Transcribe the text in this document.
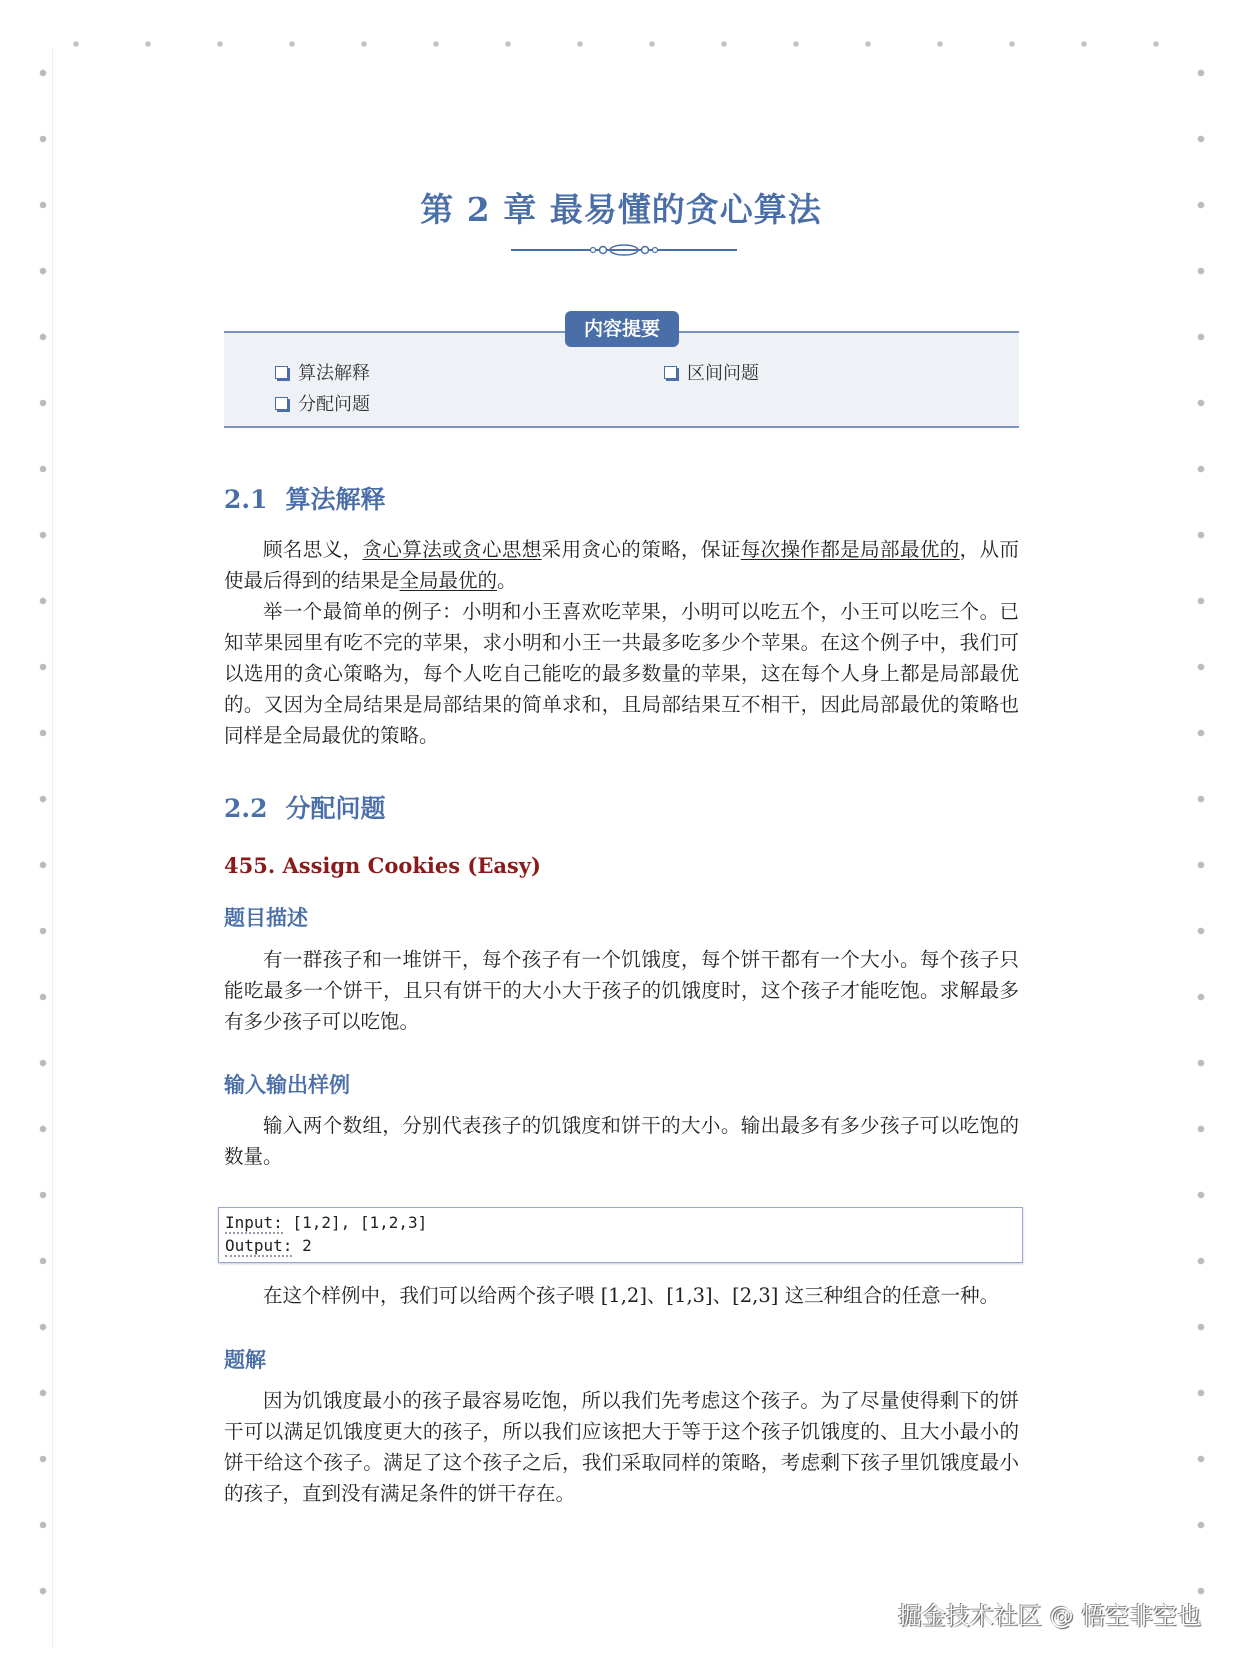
第 2 章 最易懂的贪心算法
内容提要
算法解释	区间问题
分配问题
2.1 算法解释
顾名思义，贪心算法或贪心思想采用贪心的策略，保证每次操作都是局部最优的，从而使最后得到的结果是全局最优的。
举一个最简单的例子：小明和小王喜欢吃苹果，小明可以吃五个，小王可以吃三个。已知苹果园里有吃不完的苹果，求小明和小王一共最多吃多少个苹果。在这个例子中，我们可以选用的贪心策略为，每个人吃自己能吃的最多数量的苹果，这在每个人身上都是局部最优的。又因为全局结果是局部结果的简单求和，且局部结果互不相干，因此局部最优的策略也同样是全局最优的策略。
2.2 分配问题
455. Assign Cookies (Easy)
题目描述
有一群孩子和一堆饼干，每个孩子有一个饥饿度，每个饼干都有一个大小。每个孩子只能吃最多一个饼干，且只有饼干的大小大于孩子的饥饿度时，这个孩子才能吃饱。求解最多有多少孩子可以吃饱。
输入输出样例
输入两个数组，分别代表孩子的饥饿度和饼干的大小。输出最多有多少孩子可以吃饱的数量。
Input: [1,2], [1,2,3]
Output: 2
在这个样例中，我们可以给两个孩子喂 [1,2]、[1,3]、[2,3] 这三种组合的任意一种。
题解
因为饥饿度最小的孩子最容易吃饱，所以我们先考虑这个孩子。为了尽量使得剩下的饼干可以满足饥饿度更大的孩子，所以我们应该把大于等于这个孩子饥饿度的、且大小最小的饼干给这个孩子。满足了这个孩子之后，我们采取同样的策略，考虑剩下孩子里饥饿度最小的孩子，直到没有满足条件的饼干存在。
掘金技术社区 @ 悟空非空也
